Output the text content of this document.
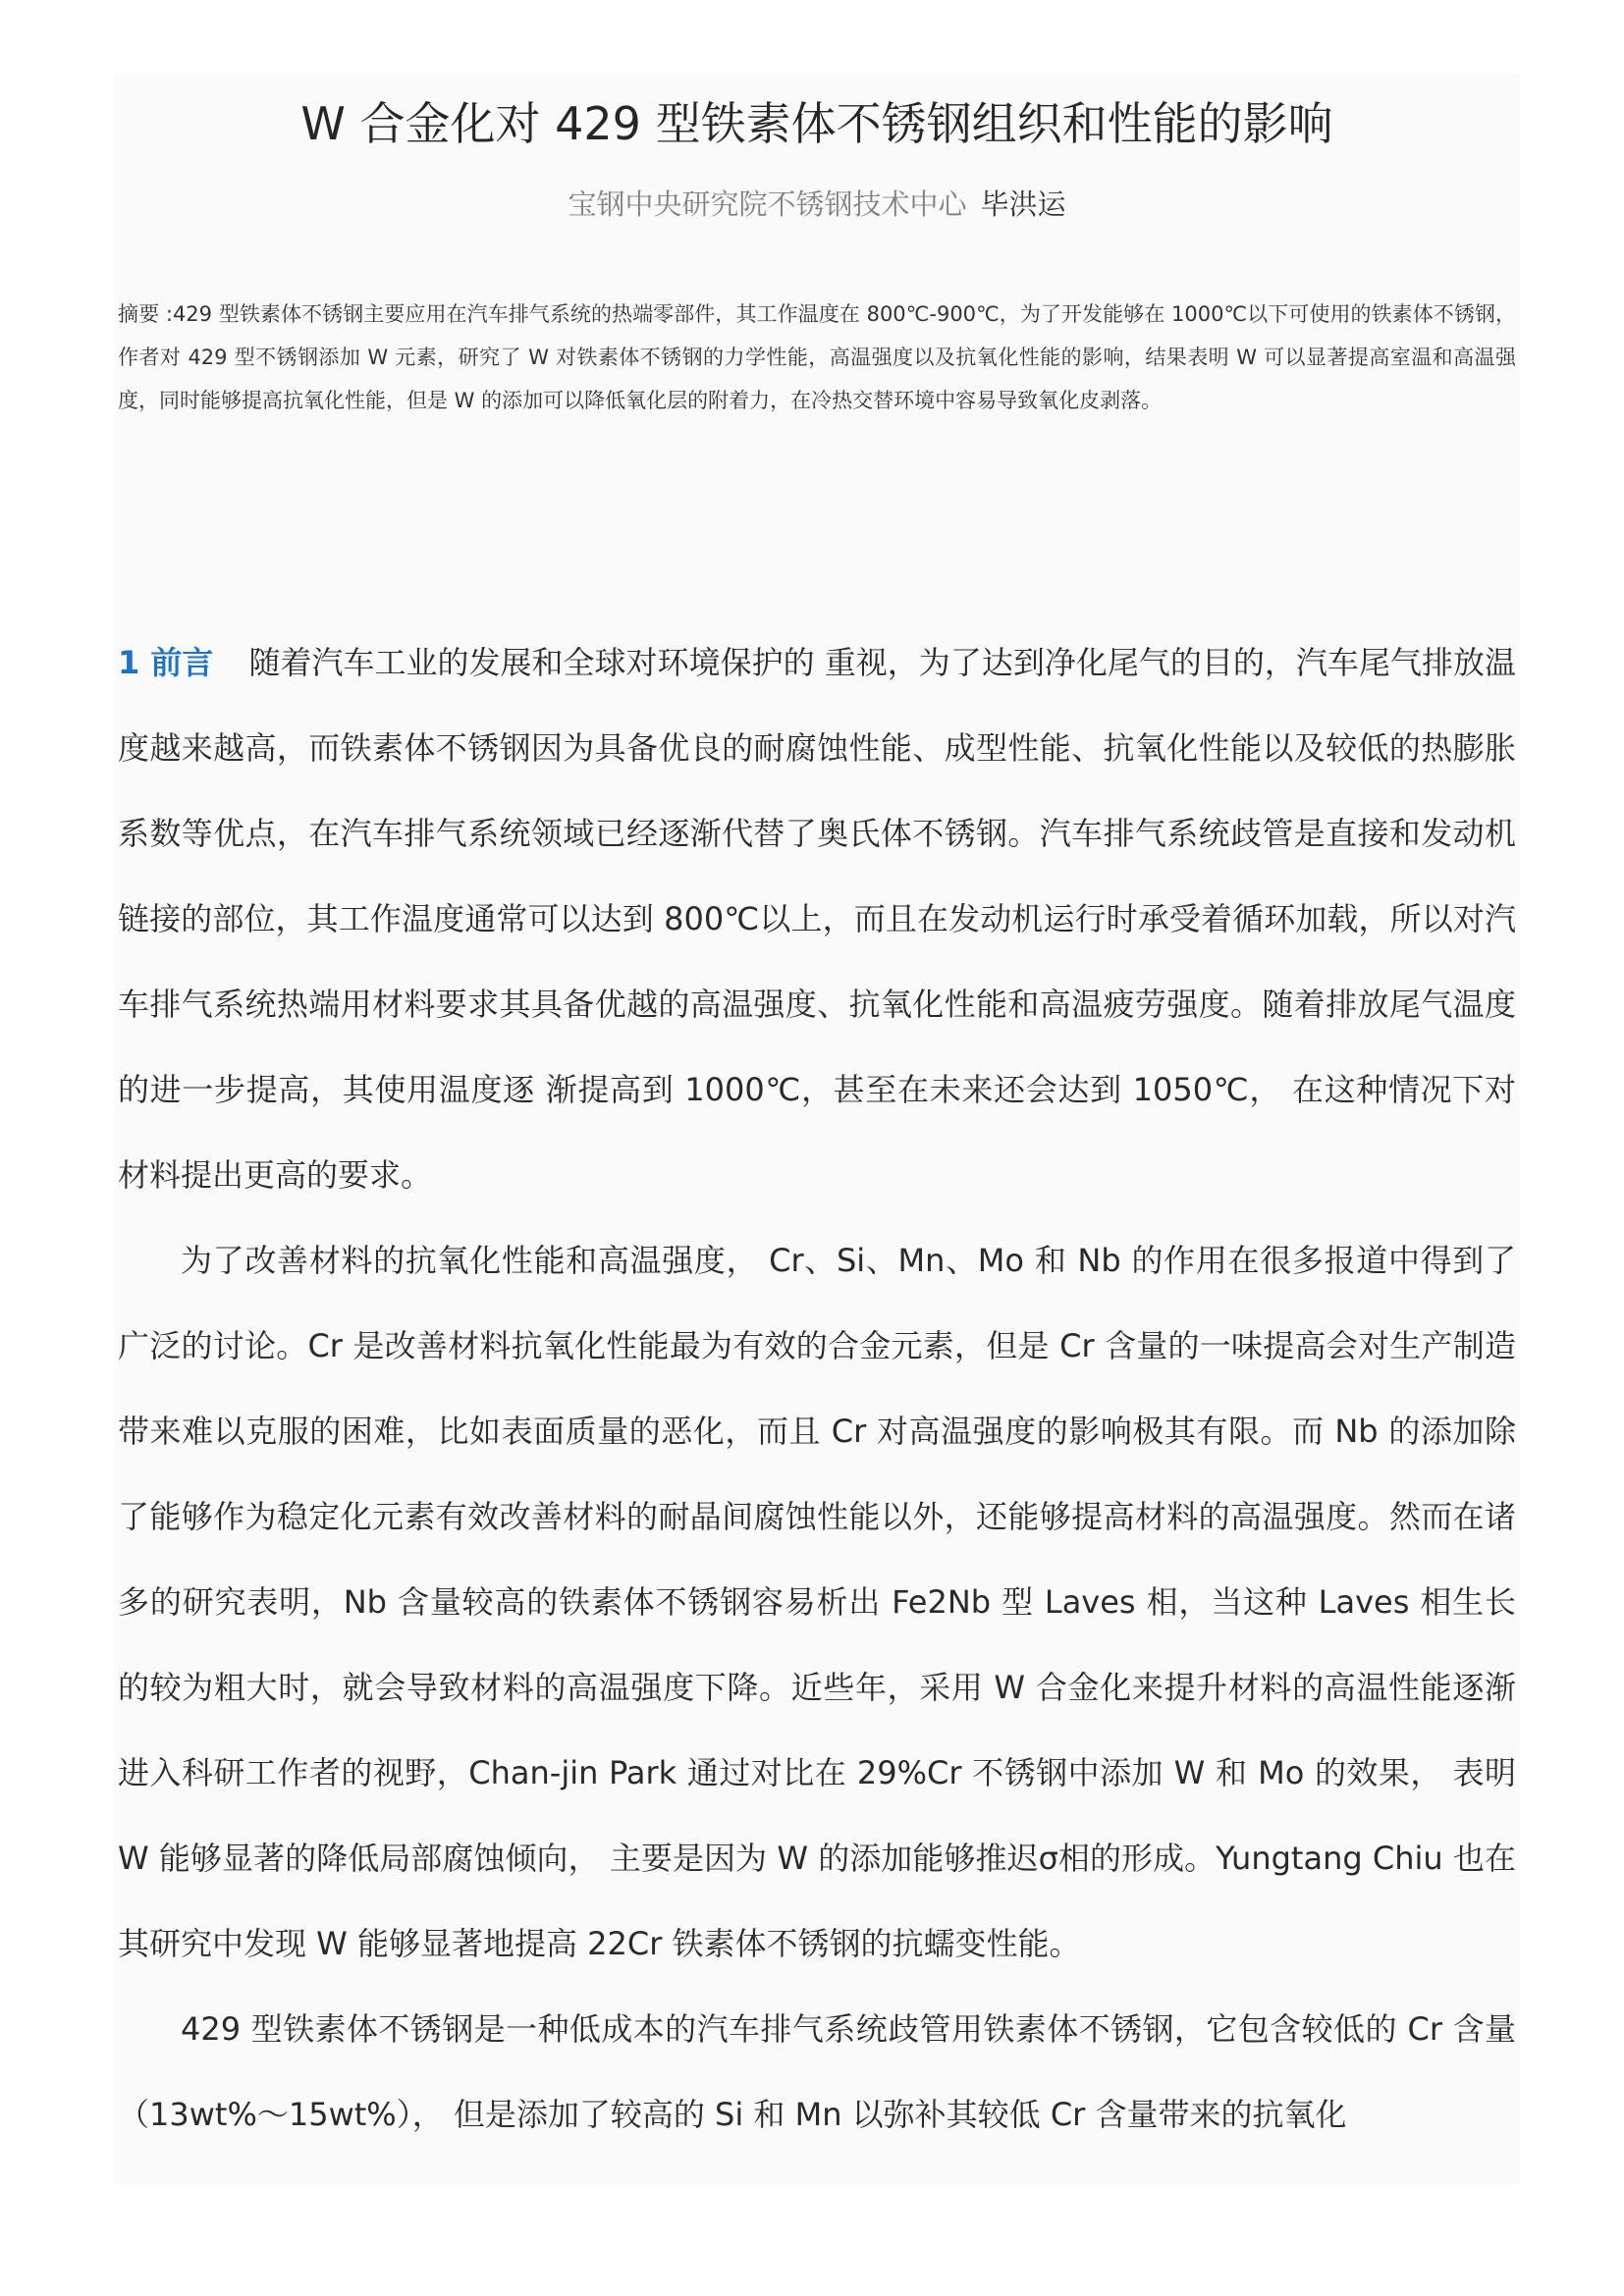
W 合金化对 429 型铁素体不锈钢组织和性能的影响
宝钢中央研究院不锈钢技术中心 毕洪运
摘要 :429 型铁素体不锈钢主要应用在汽车排气系统的热端零部件，其工作温度在 800℃-900℃，为了开发能够在 1000℃以下可使用的铁素体不锈钢，作者对 429 型不锈钢添加 W 元素，研究了 W 对铁素体不锈钢的力学性能，高温强度以及抗氧化性能的影响，结果表明 W 可以显著提高室温和高温强度，同时能够提高抗氧化性能，但是 W 的添加可以降低氧化层的附着力，在冷热交替环境中容易导致氧化皮剥落。

1 前言 随着汽车工业的发展和全球对环境保护的 重视，为了达到净化尾气的目的，汽车尾气排放温度越来越高，而铁素体不锈钢因为具备优良的耐腐蚀性能、成型性能、抗氧化性能以及较低的热膨胀系数等优点，在汽车排气系统领域已经逐渐代替了奥氏体不锈钢。汽车排气系统歧管是直接和发动机链接的部位，其工作温度通常可以达到 800℃以上，而且在发动机运行时承受着循环加载，所以对汽车排气系统热端用材料要求其具备优越的高温强度、抗氧化性能和高温疲劳强度。随着排放尾气温度的进一步提高，其使用温度逐 渐提高到 1000℃，甚至在未来还会达到 1050℃， 在这种情况下对材料提出更高的要求。

为了改善材料的抗氧化性能和高温强度， Cr、Si、Mn、Mo 和 Nb 的作用在很多报道中得到了广泛的讨论。Cr 是改善材料抗氧化性能最为有效的合金元素，但是 Cr 含量的一味提高会对生产制造带来难以克服的困难，比如表面质量的恶化，而且 Cr 对高温强度的影响极其有限。而 Nb 的添加除了能够作为稳定化元素有效改善材料的耐晶间腐蚀性能以外，还能够提高材料的高温强度。然而在诸多的研究表明，Nb 含量较高的铁素体不锈钢容易析出 Fe2Nb 型 Laves 相，当这种 Laves 相生长的较为粗大时，就会导致材料的高温强度下降。近些年，采用 W 合金化来提升材料的高温性能逐渐进入科研工作者的视野，Chan-jin Park 通过对比在 29%Cr 不锈钢中添加 W 和 Mo 的效果， 表明 W 能够显著的降低局部腐蚀倾向， 主要是因为 W 的添加能够推迟σ相的形成。Yungtang Chiu 也在其研究中发现 W 能够显著地提高 22Cr 铁素体不锈钢的抗蠕变性能。

429 型铁素体不锈钢是一种低成本的汽车排气系统歧管用铁素体不锈钢，它包含较低的 Cr 含量（13wt%～15wt%）， 但是添加了较高的 Si 和 Mn 以弥补其较低 Cr 含量带来的抗氧化
